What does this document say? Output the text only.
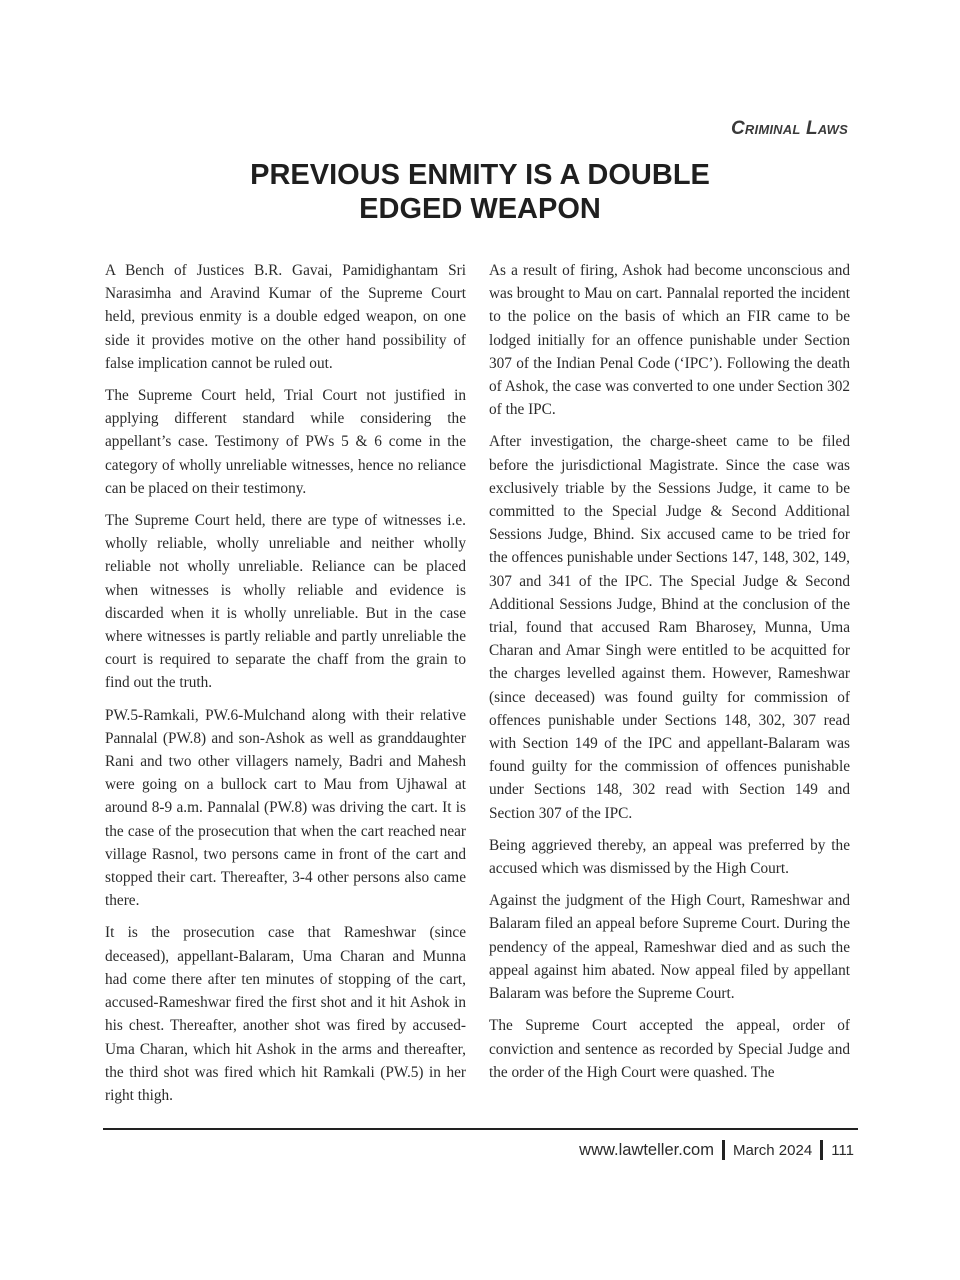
Criminal Laws
PREVIOUS ENMITY IS A DOUBLE
EDGED WEAPON

A Bench of Justices B.R. Gavai, Pamidighantam Sri Narasimha and Aravind Kumar of the Supreme Court held, previous enmity is a double edged weapon, on one side it provides motive on the other hand possibility of false implication cannot be ruled out.

The Supreme Court held, Trial Court not justified in applying different standard while considering the appellant’s case. Testimony of PWs 5 & 6 come in the category of wholly unreliable witnesses, hence no reliance can be placed on their testimony.

The Supreme Court held, there are type of witnesses i.e. wholly reliable, wholly unreliable and neither wholly reliable not wholly unreliable. Reliance can be placed when witnesses is wholly reliable and evidence is discarded when it is wholly unreliable. But in the case where witnesses is partly reliable and partly unreliable the court is required to separate the chaff from the grain to find out the truth.

PW.5-Ramkali, PW.6-Mulchand along with their relative Pannalal (PW.8) and son-Ashok as well as granddaughter Rani and two other villagers namely, Badri and Mahesh were going on a bullock cart to Mau from Ujhawal at around 8-9 a.m. Pannalal (PW.8) was driving the cart. It is the case of the prosecution that when the cart reached near village Rasnol, two persons came in front of the cart and stopped their cart. Thereafter, 3-4 other persons also came there.

It is the prosecution case that Rameshwar (since deceased), appellant-Balaram, Uma Charan and Munna had come there after ten minutes of stopping of the cart, accused-Rameshwar fired the first shot and it hit Ashok in his chest. Thereafter, another shot was fired by accused-Uma Charan, which hit Ashok in the arms and thereafter, the third shot was fired which hit Ramkali (PW.5) in her right thigh.

As a result of firing, Ashok had become unconscious and was brought to Mau on cart. Pannalal reported the incident to the police on the basis of which an FIR came to be lodged initially for an offence punishable under Section 307 of the Indian Penal Code (‘IPC’). Following the death of Ashok, the case was converted to one under Section 302 of the IPC.

After investigation, the charge-sheet came to be filed before the jurisdictional Magistrate. Since the case was exclusively triable by the Sessions Judge, it came to be committed to the Special Judge & Second Additional Sessions Judge, Bhind. Six accused came to be tried for the offences punishable under Sections 147, 148, 302, 149, 307 and 341 of the IPC. The Special Judge & Second Additional Sessions Judge, Bhind at the conclusion of the trial, found that accused Ram Bharosey, Munna, Uma Charan and Amar Singh were entitled to be acquitted for the charges levelled against them. However, Rameshwar (since deceased) was found guilty for commission of offences punishable under Sections 148, 302, 307 read with Section 149 of the IPC and appellant-Balaram was found guilty for the commission of offences punishable under Sections 148, 302 read with Section 149 and Section 307 of the IPC.

Being aggrieved thereby, an appeal was preferred by the accused which was dismissed by the High Court.

Against the judgment of the High Court, Rameshwar and Balaram filed an appeal before Supreme Court. During the pendency of the appeal, Rameshwar died and as such the appeal against him abated. Now appeal filed by appellant Balaram was before the Supreme Court.

The Supreme Court accepted the appeal, order of conviction and sentence as recorded by Special Judge and the order of the High Court were quashed. The

www.lawteller.com March 2024 111
